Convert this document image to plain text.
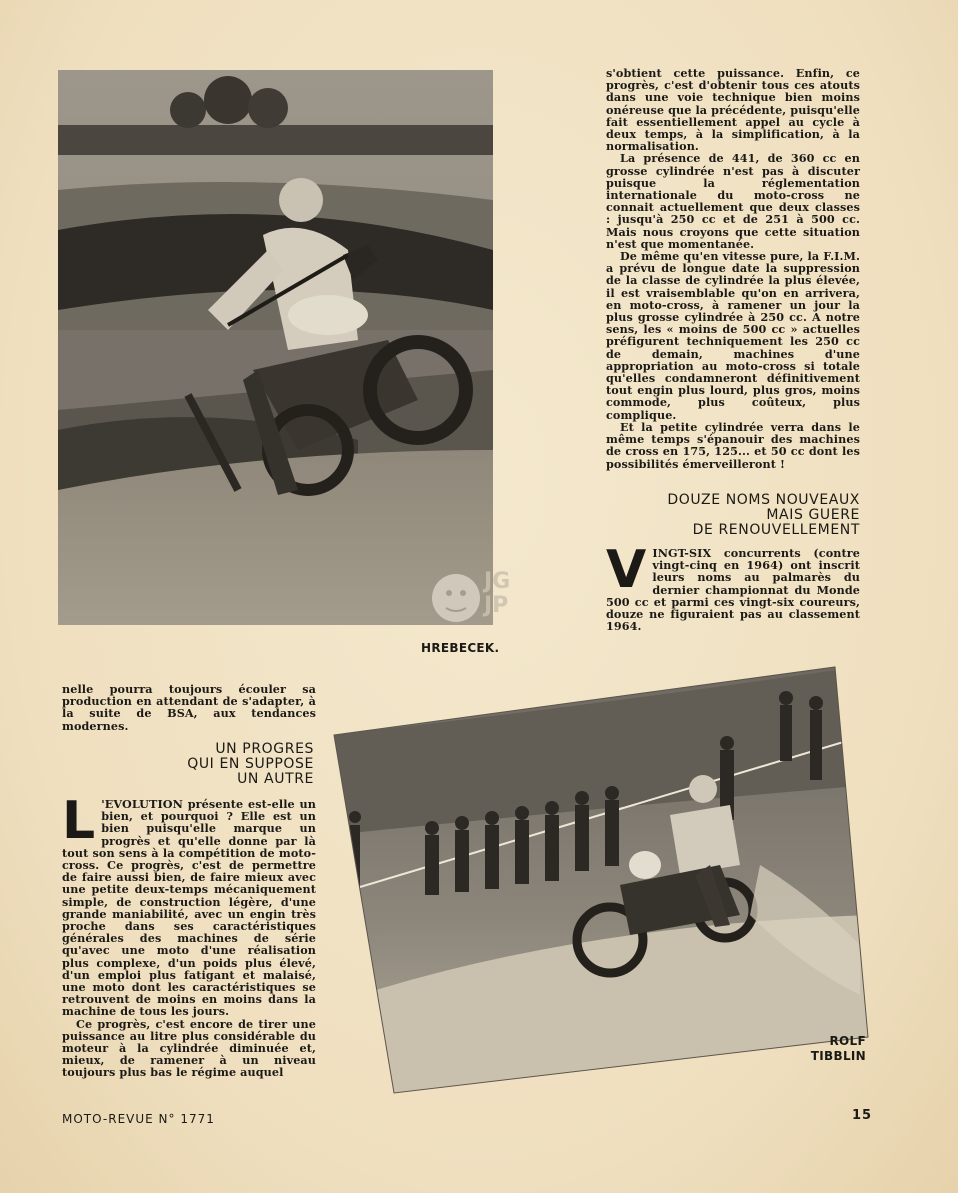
JG JP
HREBECEK.

s'obtient cette puissance. Enfin, ce progrès, c'est d'obtenir tous ces atouts dans une voie technique bien moins onéreuse que la précédente, puisqu'elle fait essentiellement appel au cycle à deux temps, à la simplification, à la normalisation.

La présence de 441, de 360 cc en grosse cylindrée n'est pas à discuter puisque la réglementation internationale du moto-cross ne connait actuellement que deux classes : jusqu'à 250 cc et de 251 à 500 cc. Mais nous croyons que cette situation n'est que momentanée.

De même qu'en vitesse pure, la F.I.M. a prévu de longue date la suppression de la classe de cylindrée la plus élevée, il est vraisemblable qu'on en arrivera, en moto-cross, à ramener un jour la plus grosse cylindrée à 250 cc. A notre sens, les « moins de 500 cc » actuelles préfigurent techniquement les 250 cc de demain, machines d'une appropriation au moto-cross si totale qu'elles condamneront définitivement tout engin plus lourd, plus gros, moins commode, plus coûteux, plus complique.

Et la petite cylindrée verra dans le même temps s'épanouir des machines de cross en 175, 125... et 50 cc dont les possibilités émerveilleront !

DOUZE NOMS NOUVEAUX
MAIS GUERE
DE RENOUVELLEMENT
V INGT-SIX concurrents (contre vingt-cinq en 1964) ont inscrit leurs noms au palmarès du dernier championnat du Monde 500 cc et parmi ces vingt-six coureurs, douze ne figuraient pas au classement 1964.

nelle pourra toujours écouler sa production en attendant de s'adapter, à la suite de BSA, aux tendances modernes.

UN PROGRES
QUI EN SUPPOSE
UN AUTRE

L 'EVOLUTION présente est-elle un bien, et pourquoi ? Elle est un bien puisqu'elle marque un progrès et qu'elle donne par là tout son sens à la compétition de moto-cross. Ce progrès, c'est de permettre de faire aussi bien, de faire mieux avec une petite deux-temps mécaniquement simple, de construction légère, d'une grande maniabilité, avec un engin très proche dans ses caractéristiques générales des machines de série qu'avec une moto d'une réalisation plus complexe, d'un poids plus élevé, d'un emploi plus fatigant et malaisé, une moto dont les caractéristiques se retrouvent de moins en moins dans la machine de tous les jours.

Ce progrès, c'est encore de tirer une puissance au litre plus considérable du moteur à la cylindrée diminuée et, mieux, de ramener à un niveau toujours plus bas le régime auquel

ROLF
TIBBLIN
MOTO-REVUE N° 1771	15
